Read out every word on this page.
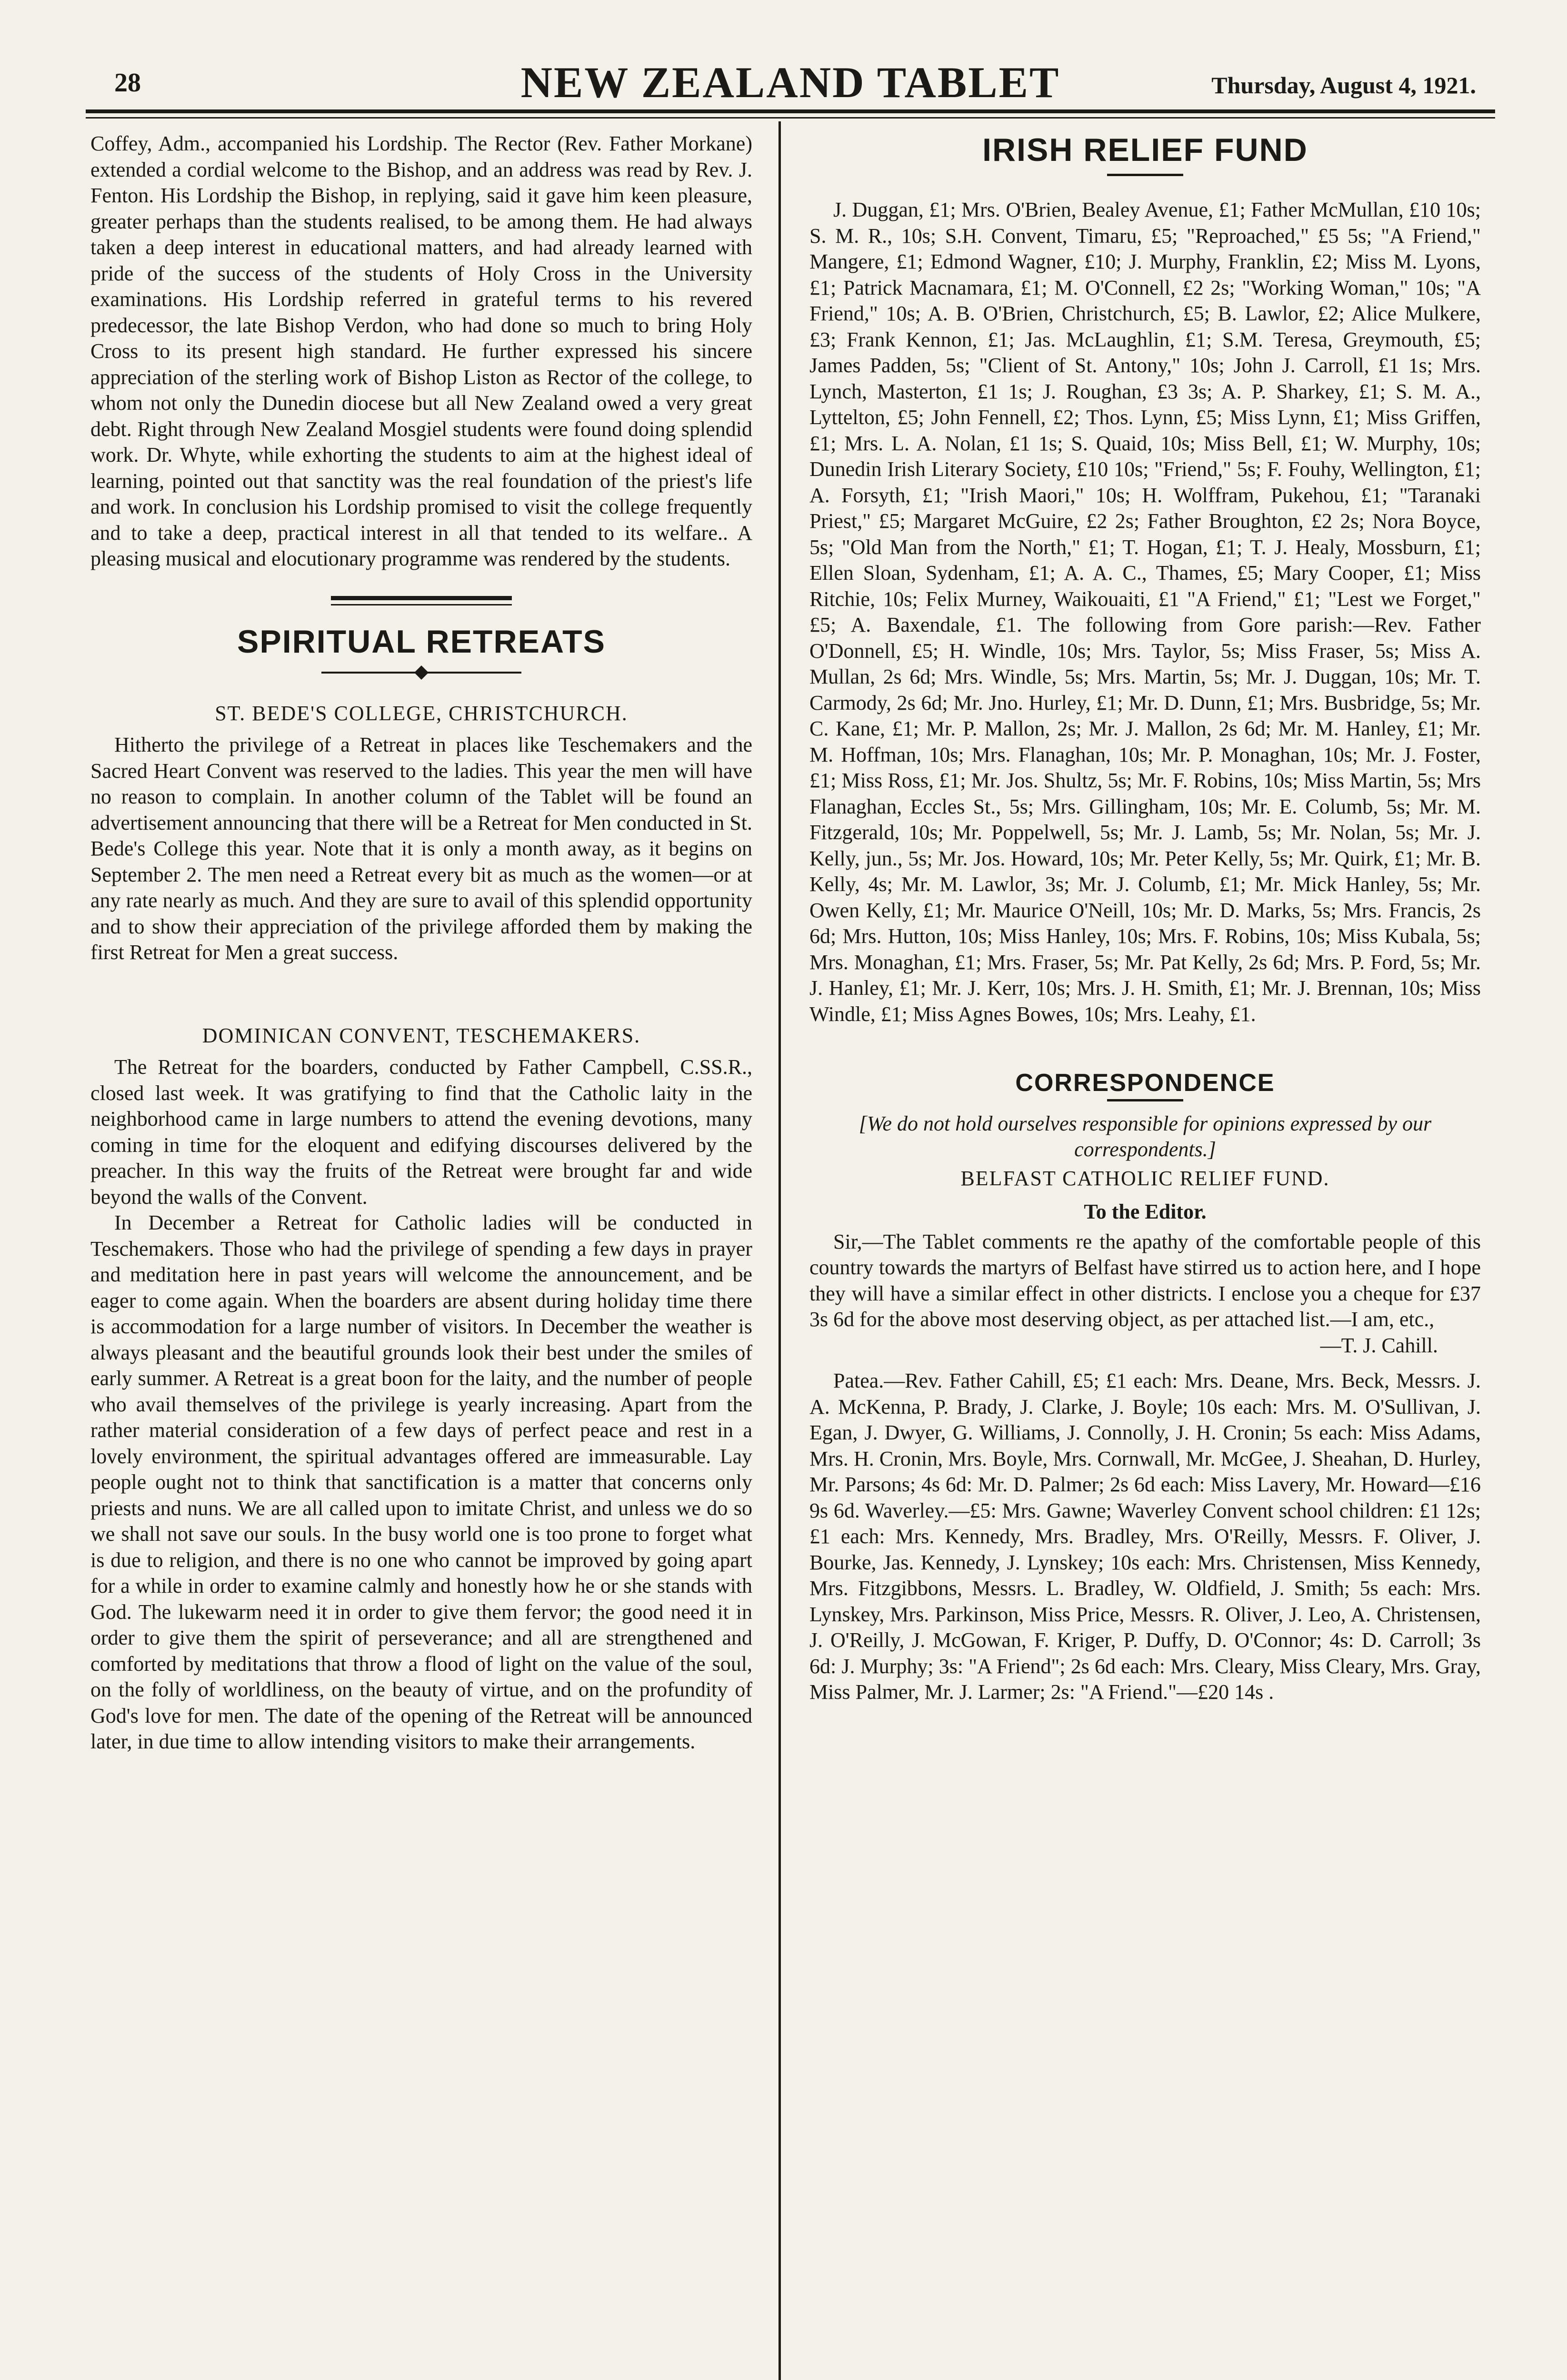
28	NEW ZEALAND TABLET	Thursday, August 4, 1921.

Coffey, Adm., accompanied his Lordship. The Rector (Rev. Father Morkane) extended a cordial welcome to the Bishop, and an address was read by Rev. J. Fenton. His Lordship the Bishop, in replying, said it gave him keen pleasure, greater perhaps than the students realised, to be among them. He had always taken a deep interest in educational matters, and had already learned with pride of the success of the students of Holy Cross in the University examinations. His Lordship referred in grateful terms to his revered predecessor, the late Bishop Verdon, who had done so much to bring Holy Cross to its present high standard. He further expressed his sincere appreciation of the sterling work of Bishop Liston as Rector of the college, to whom not only the Dunedin diocese but all New Zealand owed a very great debt. Right through New Zealand Mosgiel students were found doing splendid work. Dr. Whyte, while exhorting the students to aim at the highest ideal of learning, pointed out that sanctity was the real foundation of the priest's life and work. In conclusion his Lordship promised to visit the college frequently and to take a deep, practical interest in all that tended to its welfare.. A pleasing musical and elocutionary programme was rendered by the students.

SPIRITUAL RETREATS
ST. BEDE'S COLLEGE, CHRISTCHURCH.

Hitherto the privilege of a Retreat in places like Teschemakers and the Sacred Heart Convent was reserved to the ladies. This year the men will have no reason to complain. In another column of the Tablet will be found an advertisement announcing that there will be a Retreat for Men conducted in St. Bede's College this year. Note that it is only a month away, as it begins on September 2. The men need a Retreat every bit as much as the women—or at any rate nearly as much. And they are sure to avail of this splendid opportunity and to show their appreciation of the privilege afforded them by making the first Retreat for Men a great success.

DOMINICAN CONVENT, TESCHEMAKERS.

The Retreat for the boarders, conducted by Father Campbell, C.SS.R., closed last week. It was gratifying to find that the Catholic laity in the neighborhood came in large numbers to attend the evening devotions, many coming in time for the eloquent and edifying discourses delivered by the preacher. In this way the fruits of the Retreat were brought far and wide beyond the walls of the Convent.

In December a Retreat for Catholic ladies will be conducted in Teschemakers. Those who had the privilege of spending a few days in prayer and meditation here in past years will welcome the announcement, and be eager to come again. When the boarders are absent during holiday time there is accommodation for a large number of visitors. In December the weather is always pleasant and the beautiful grounds look their best under the smiles of early summer. A Retreat is a great boon for the laity, and the number of people who avail themselves of the privilege is yearly increasing. Apart from the rather material consideration of a few days of perfect peace and rest in a lovely environment, the spiritual advantages offered are immeasurable. Lay people ought not to think that sanctification is a matter that concerns only priests and nuns. We are all called upon to imitate Christ, and unless we do so we shall not save our souls. In the busy world one is too prone to forget what is due to religion, and there is no one who cannot be improved by going apart for a while in order to examine calmly and honestly how he or she stands with God. The lukewarm need it in order to give them fervor; the good need it in order to give them the spirit of perseverance; and all are strengthened and comforted by meditations that throw a flood of light on the value of the soul, on the folly of worldliness, on the beauty of virtue, and on the profundity of God's love for men. The date of the opening of the Retreat will be announced later, in due time to allow intending visitors to make their arrangements.

IRISH RELIEF FUND

J. Duggan, £1; Mrs. O'Brien, Bealey Avenue, £1; Father McMullan, £10 10s; S. M. R., 10s; S.H. Convent, Timaru, £5; "Reproached," £5 5s; "A Friend," Mangere, £1; Edmond Wagner, £10; J. Murphy, Franklin, £2; Miss M. Lyons, £1; Patrick Macnamara, £1; M. O'Connell, £2 2s; "Working Woman," 10s; "A Friend," 10s; A. B. O'Brien, Christchurch, £5; B. Lawlor, £2; Alice Mulkere, £3; Frank Kennon, £1; Jas. McLaughlin, £1; S.M. Teresa, Greymouth, £5; James Padden, 5s; "Client of St. Antony," 10s; John J. Carroll, £1 1s; Mrs. Lynch, Masterton, £1 1s; J. Roughan, £3 3s; A. P. Sharkey, £1; S. M. A., Lyttelton, £5; John Fennell, £2; Thos. Lynn, £5; Miss Lynn, £1; Miss Griffen, £1; Mrs. L. A. Nolan, £1 1s; S. Quaid, 10s; Miss Bell, £1; W. Murphy, 10s; Dunedin Irish Literary Society, £10 10s; "Friend," 5s; F. Fouhy, Wellington, £1; A. Forsyth, £1; "Irish Maori," 10s; H. Wolffram, Pukehou, £1; "Taranaki Priest," £5; Margaret McGuire, £2 2s; Father Broughton, £2 2s; Nora Boyce, 5s; "Old Man from the North," £1; T. Hogan, £1; T. J. Healy, Mossburn, £1; Ellen Sloan, Sydenham, £1; A. A. C., Thames, £5; Mary Cooper, £1; Miss Ritchie, 10s; Felix Murney, Waikouaiti, £1 "A Friend," £1; "Lest we Forget," £5; A. Baxendale, £1. The following from Gore parish:—Rev. Father O'Donnell, £5; H. Windle, 10s; Mrs. Taylor, 5s; Miss Fraser, 5s; Miss A. Mullan, 2s 6d; Mrs. Windle, 5s; Mrs. Martin, 5s; Mr. J. Duggan, 10s; Mr. T. Carmody, 2s 6d; Mr. Jno. Hurley, £1; Mr. D. Dunn, £1; Mrs. Busbridge, 5s; Mr. C. Kane, £1; Mr. P. Mallon, 2s; Mr. J. Mallon, 2s 6d; Mr. M. Hanley, £1; Mr. M. Hoffman, 10s; Mrs. Flanaghan, 10s; Mr. P. Monaghan, 10s; Mr. J. Foster, £1; Miss Ross, £1; Mr. Jos. Shultz, 5s; Mr. F. Robins, 10s; Miss Martin, 5s; Mrs Flanaghan, Eccles St., 5s; Mrs. Gillingham, 10s; Mr. E. Columb, 5s; Mr. M. Fitzgerald, 10s; Mr. Poppelwell, 5s; Mr. J. Lamb, 5s; Mr. Nolan, 5s; Mr. J. Kelly, jun., 5s; Mr. Jos. Howard, 10s; Mr. Peter Kelly, 5s; Mr. Quirk, £1; Mr. B. Kelly, 4s; Mr. M. Lawlor, 3s; Mr. J. Columb, £1; Mr. Mick Hanley, 5s; Mr. Owen Kelly, £1; Mr. Maurice O'Neill, 10s; Mr. D. Marks, 5s; Mrs. Francis, 2s 6d; Mrs. Hutton, 10s; Miss Hanley, 10s; Mrs. F. Robins, 10s; Miss Kubala, 5s; Mrs. Monaghan, £1; Mrs. Fraser, 5s; Mr. Pat Kelly, 2s 6d; Mrs. P. Ford, 5s; Mr. J. Hanley, £1; Mr. J. Kerr, 10s; Mrs. J. H. Smith, £1; Mr. J. Brennan, 10s; Miss Windle, £1; Miss Agnes Bowes, 10s; Mrs. Leahy, £1.

CORRESPONDENCE
[We do not hold ourselves responsible for opinions expressed by our correspondents.]
BELFAST CATHOLIC RELIEF FUND.
To the Editor.

Sir,—The Tablet comments re the apathy of the comfortable people of this country towards the martyrs of Belfast have stirred us to action here, and I hope they will have a similar effect in other districts. I enclose you a cheque for £37 3s 6d for the above most deserving object, as per attached list.—I am, etc.,

—T. J. Cahill.

Patea.—Rev. Father Cahill, £5; £1 each: Mrs. Deane, Mrs. Beck, Messrs. J. A. McKenna, P. Brady, J. Clarke, J. Boyle; 10s each: Mrs. M. O'Sullivan, J. Egan, J. Dwyer, G. Williams, J. Connolly, J. H. Cronin; 5s each: Miss Adams, Mrs. H. Cronin, Mrs. Boyle, Mrs. Cornwall, Mr. McGee, J. Sheahan, D. Hurley, Mr. Parsons; 4s 6d: Mr. D. Palmer; 2s 6d each: Miss Lavery, Mr. Howard—£16 9s 6d. Waverley.—£5: Mrs. Gawne; Waverley Convent school children: £1 12s; £1 each: Mrs. Kennedy, Mrs. Bradley, Mrs. O'Reilly, Messrs. F. Oliver, J. Bourke, Jas. Kennedy, J. Lynskey; 10s each: Mrs. Christensen, Miss Kennedy, Mrs. Fitzgibbons, Messrs. L. Bradley, W. Oldfield, J. Smith; 5s each: Mrs. Lynskey, Mrs. Parkinson, Miss Price, Messrs. R. Oliver, J. Leo, A. Christensen, J. O'Reilly, J. McGowan, F. Kriger, P. Duffy, D. O'Connor; 4s: D. Carroll; 3s 6d: J. Murphy; 3s: "A Friend"; 2s 6d each: Mrs. Cleary, Miss Cleary, Mrs. Gray, Miss Palmer, Mr. J. Larmer; 2s: "A Friend."—£20 14s .
